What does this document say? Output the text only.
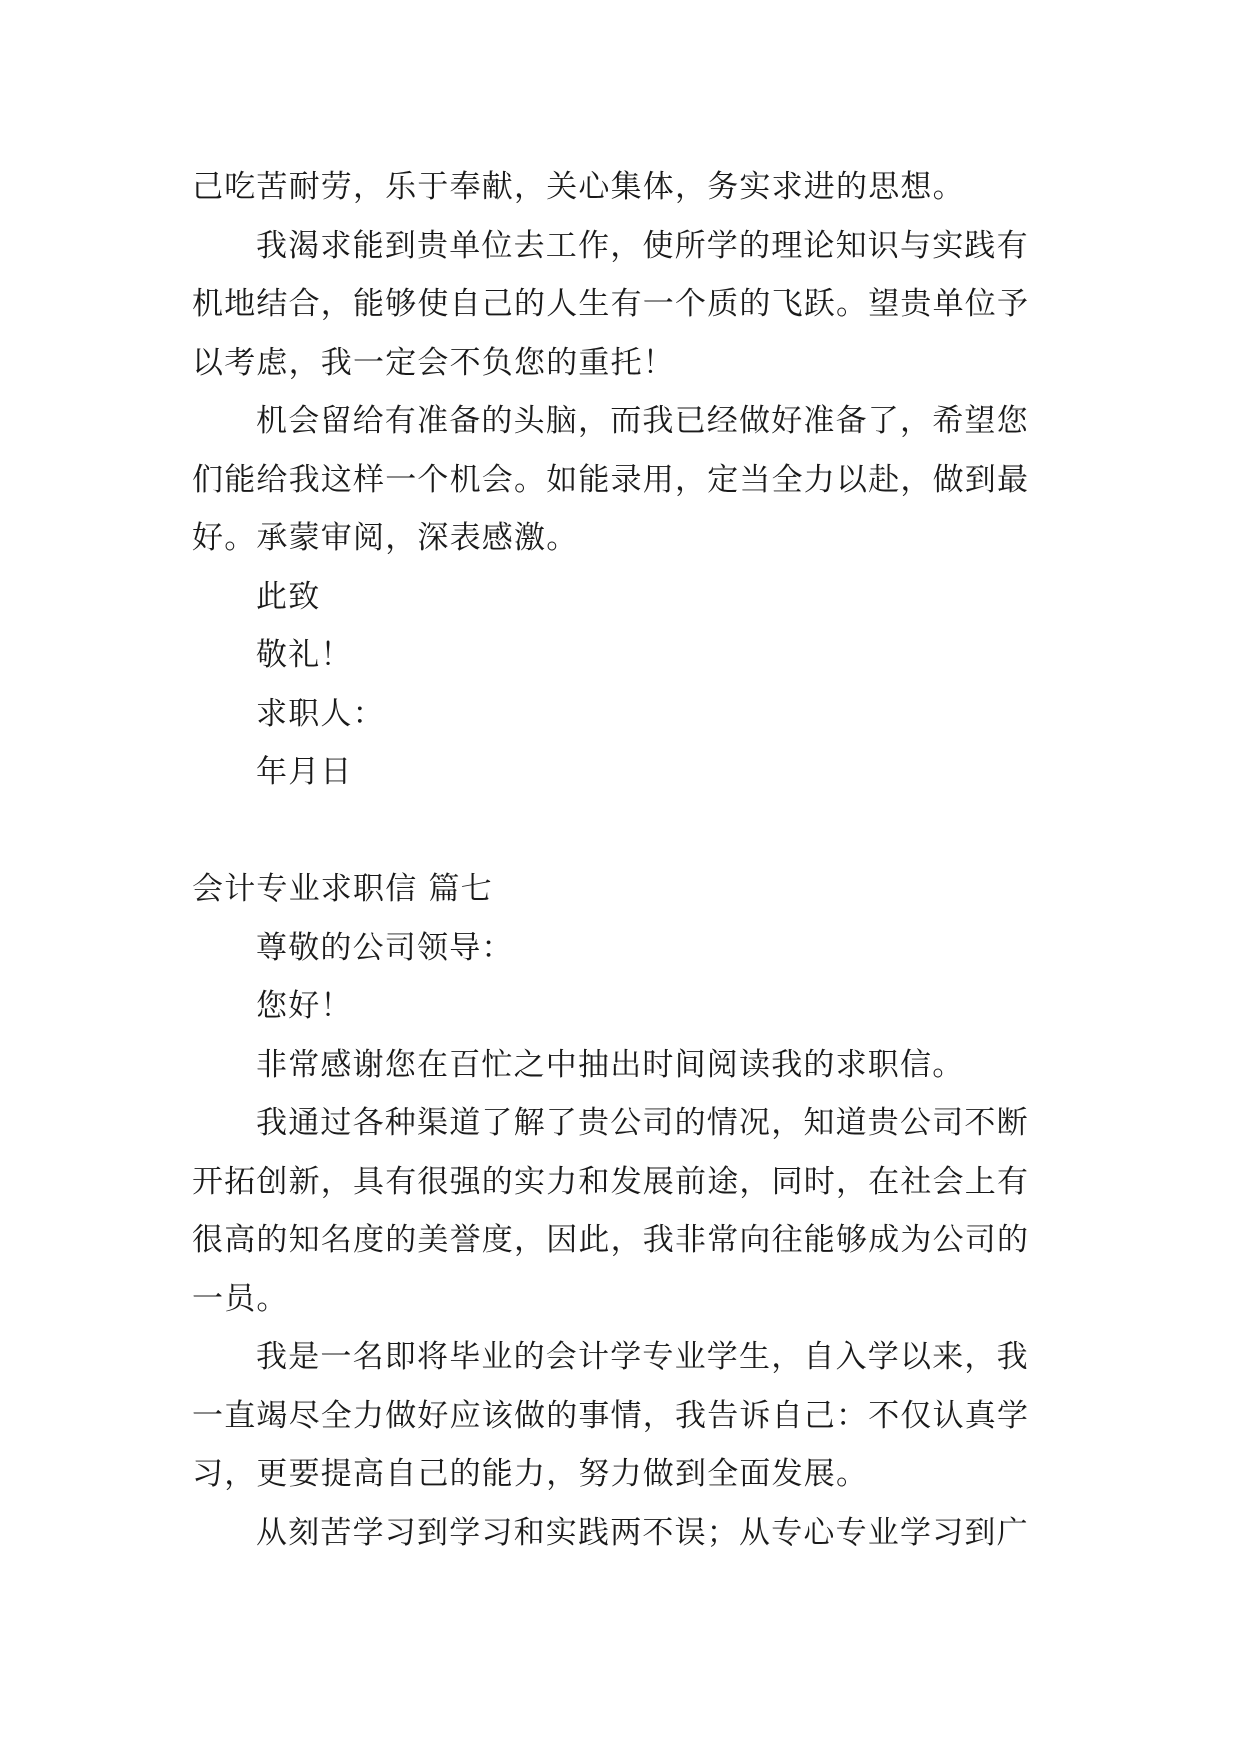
己吃苦耐劳，乐于奉献，关心集体，务实求进的思想。
我渴求能到贵单位去工作，使所学的理论知识与实践有
机地结合，能够使自己的人生有一个质的飞跃。望贵单位予
以考虑，我一定会不负您的重托！
机会留给有准备的头脑，而我已经做好准备了，希望您
们能给我这样一个机会。如能录用，定当全力以赴，做到最
好。承蒙审阅，深表感激。
此致
敬礼！
求职人：
年月日
会计专业求职信 篇七
尊敬的公司领导：
您好！
非常感谢您在百忙之中抽出时间阅读我的求职信。
我通过各种渠道了解了贵公司的情况，知道贵公司不断
开拓创新，具有很强的实力和发展前途，同时，在社会上有
很高的知名度的美誉度，因此，我非常向往能够成为公司的
一员。
我是一名即将毕业的会计学专业学生，自入学以来，我
一直竭尽全力做好应该做的事情，我告诉自己：不仅认真学
习，更要提高自己的能力，努力做到全面发展。
从刻苦学习到学习和实践两不误；从专心专业学习到广
